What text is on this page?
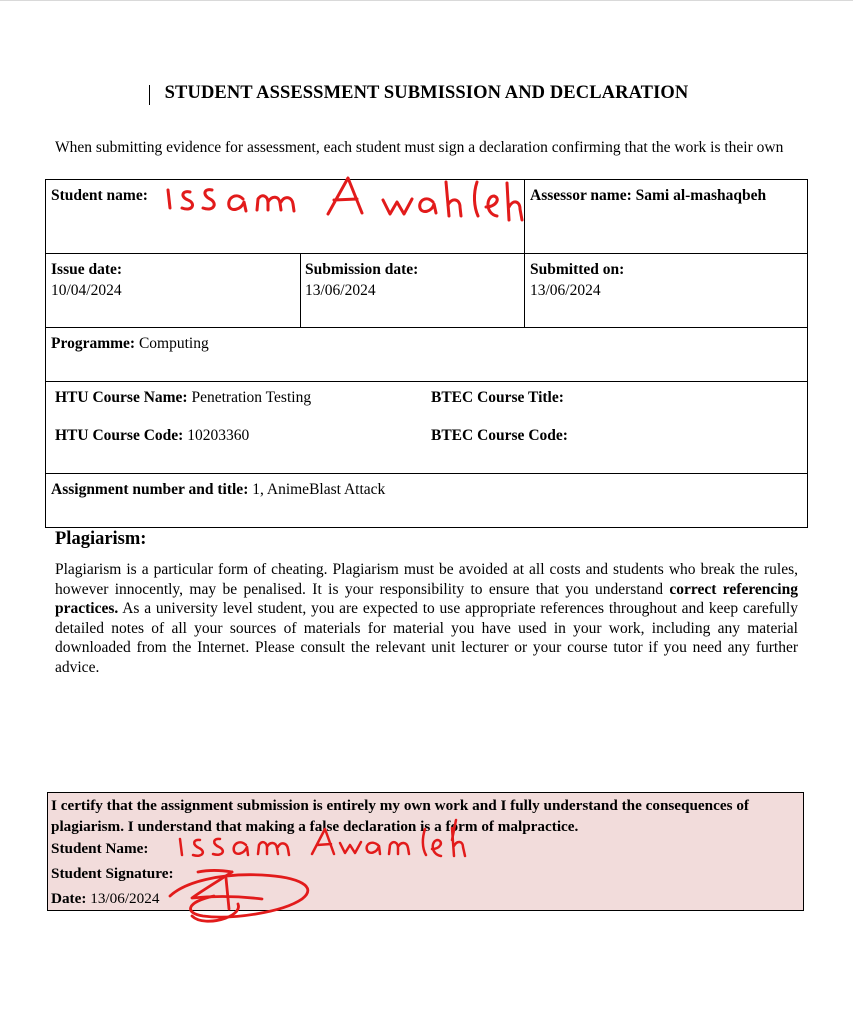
STUDENT ASSESSMENT SUBMISSION AND DECLARATION
When submitting evidence for assessment, each student must sign a declaration confirming that the work is their own
Student name:	Assessor name: Sami al-mashaqbeh
Issue date:
10/04/2024
Submission date:
13/06/2024
Submitted on:
13/06/2024
Programme: Computing
HTU Course Name: Penetration Testing	BTEC Course Title:
HTU Course Code: 10203360	BTEC Course Code:
Assignment number and title: 1, AnimeBlast Attack
Plagiarism:
Plagiarism is a particular form of cheating. Plagiarism must be avoided at all costs and students who break the rules, however innocently, may be penalised. It is your responsibility to ensure that you understand correct referencing practices. As a university level student, you are expected to use appropriate references throughout and keep carefully detailed notes of all your sources of materials for material you have used in your work, including any material downloaded from the Internet. Please consult the relevant unit lecturer or your course tutor if you need any further advice.
I certify that the assignment submission is entirely my own work and I fully understand the consequences of plagiarism. I understand that making a false declaration is a form of malpractice.
Student Name:
Student Signature:
Date: 13/06/2024
